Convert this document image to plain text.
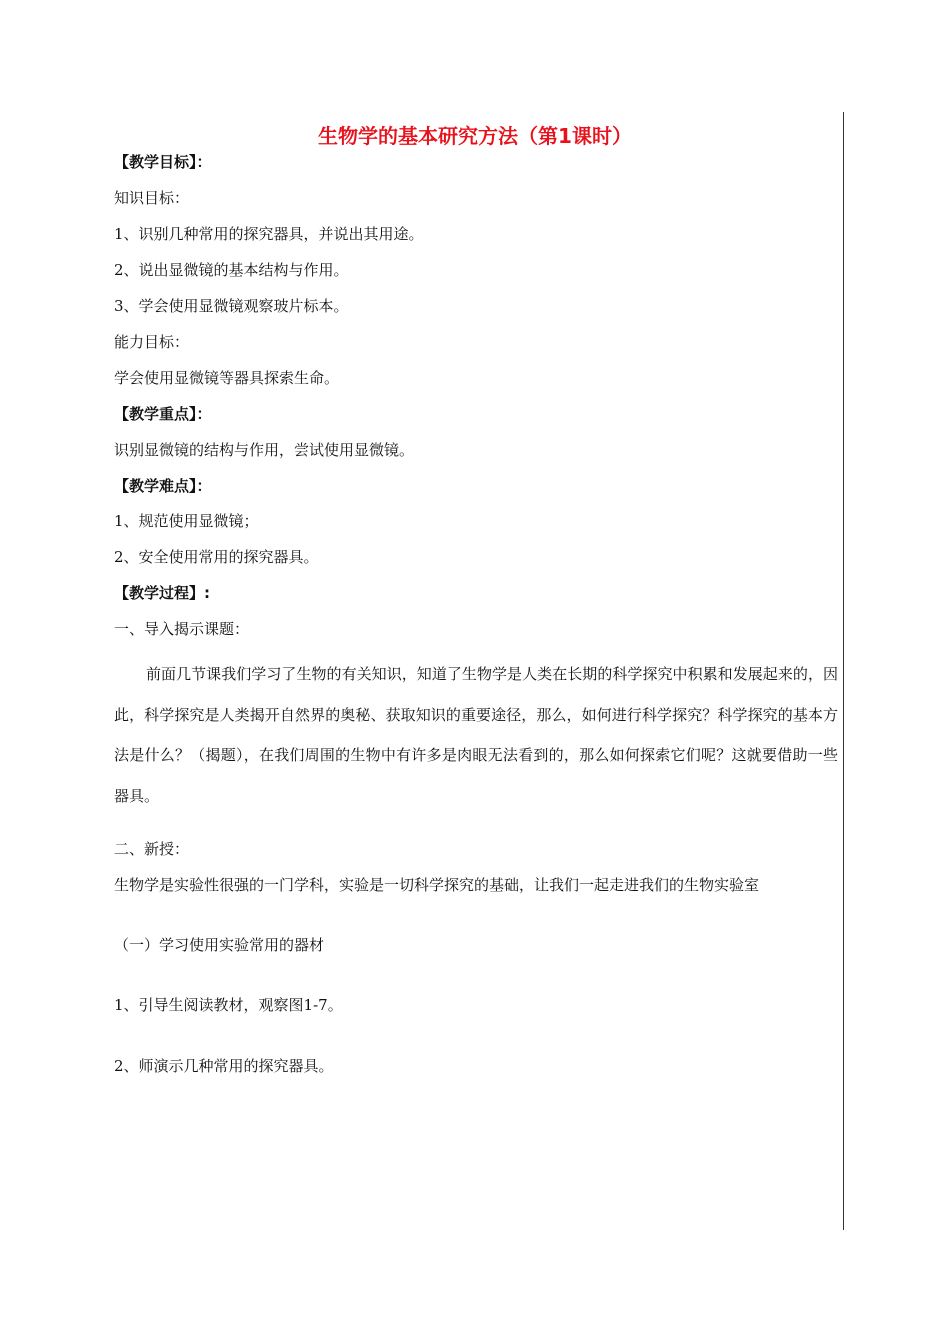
生物学的基本研究方法（第1课时）
【教学目标】：
知识目标：
1、识别几种常用的探究器具，并说出其用途。
2、说出显微镜的基本结构与作用。
3、学会使用显微镜观察玻片标本。
能力目标：
学会使用显微镜等器具探索生命。
【教学重点】：
识别显微镜的结构与作用，尝试使用显微镜。
【教学难点】：
1、规范使用显微镜；
2、安全使用常用的探究器具。
【教学过程】:
一、导入揭示课题：
前面几节课我们学习了生物的有关知识，知道了生物学是人类在长期的科学探究中积累和发展起来的，因此，科学探究是人类揭开自然界的奥秘、获取知识的重要途径，那么，如何进行科学探究？科学探究的基本方法是什么？（揭题），在我们周围的生物中有许多是肉眼无法看到的，那么如何探索它们呢？这就要借助一些器具。
二、新授：
生物学是实验性很强的一门学科，实验是一切科学探究的基础，让我们一起走进我们的生物实验室
（一）学习使用实验常用的器材
1、引导生阅读教材，观察图1-7。
2、师演示几种常用的探究器具。
